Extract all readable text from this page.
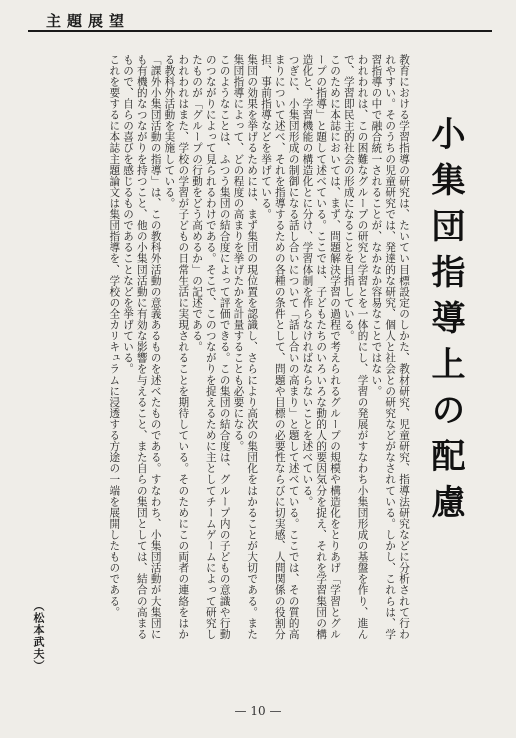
主題展望
小集団指導上の配慮

教育における学習指導の研究は、たいてい目標設定のしかた、教材研究、児童研究、指導法研究などに分析されて行われやすい。そのうちの児童研究では、発達的な研究、個人と社会との研究などがなされている。しかし、これらは、学習指導の中で融合統一されることが、なかなか容易なことではない。

われわれは、この困難なグループの研究と学習とを一体的にし、学習の発展がすなわち小集団形成の基盤を作り、進んで、学習即民主的社会の形成になることを目指している。

このために本誌においては、まず、問題解決学習の過程で考えられるグループの規模や構造化をとりあげ「学習とグループの指導」と題して述べている。ここでは、子どもたちのいろいろな動的人的要因気分を捉え、それを学習集団の構造化と、学習機能の構造化とに分け、学習体制を作らなければならないことを述べている。

つぎに、小集団形成の制御になる話し合いについて「話し合いの高まり」と題して述べている。ここでは、その質的高まりについて述べ、それを指導するための各種の条件として、問題や目標の必要性ならびに切実感、人間関係の役割分担、事前指導などを挙げている。

集団の効果を挙げるためには、まず集団の現位置を認識し、さらにより高次の集団化をはかることが大切である。また集団指導によって、どの程度の高まりを挙げたかを計量することも必要になる。

このようなことは、ふつう集団の結合度によって評価できる。この集団の結合度は、グループ内の子どもの意識や行動のつながりによって見られるわけである。そこで、このつながりを捉えるために主としてチームゲームによって研究したものが「グループの行動をどう高めるか」の記述である。

われわれはまた、学校の学習が子どもの日常生活に実現されることを期待している。そのためにこの両者の連絡をはかる教科外活動を実施している。

「課外小集団活動の指導」は、この教科外活動の意義あるものを述べたものである。すなわち、小集団活動が大集団にも有機的なつながりを持つこと、他の小集団活動に有効な影響を与えること、また自らの集団としては、結合の高まるもので、自らの喜びを感じるものであることなどを挙げている。

これを要するに本誌主題論文は集団指導を、学校の全カリキュラムに浸透する方途の一端を展開したものである。

（松本武夫）
— 10 —
